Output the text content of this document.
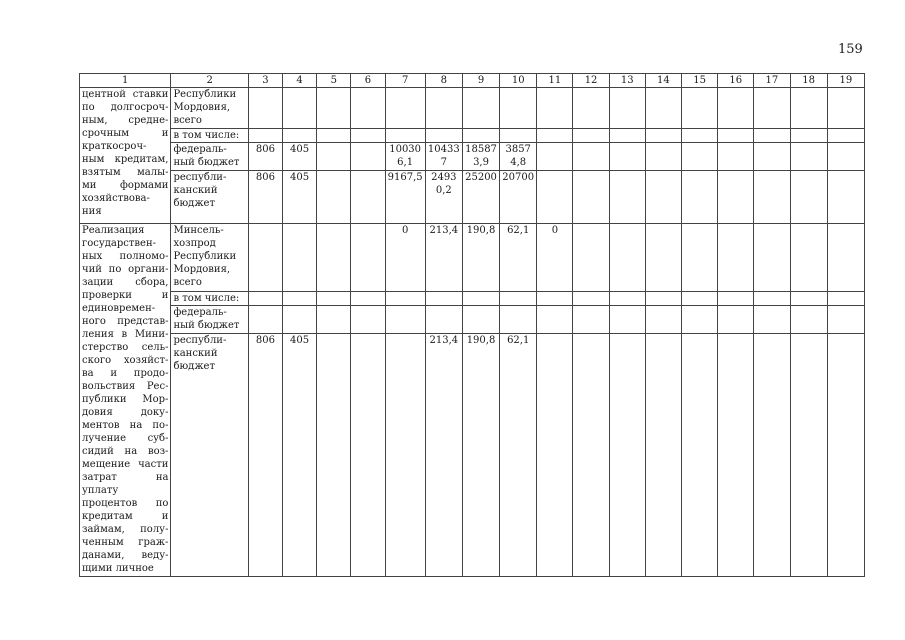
159
1	2	3	4	5	6	7	8	9	10	11	12	13	14	15	16	17	18	19
центной ставки по долгосроч-ным, средне-срочным и краткосроч-ным кредитам, взятым малы-ми формами хозяйствова-ния	Республики Мордовия, всего																	
	в том числе:																	
	федераль-ный бюджет	806	405			100306,1	104337	185873,9	38574,8									
	республи-канский бюджет	806	405			9167,5	24930,2	25200	20700									
Реализация государствен-ных полномо-чий по органи-зации сбора, проверки и единовремен-ного представ-ления в Мини-стерство сель-ского хозяйст-ва и продо-вольствия Рес-публики Мор-довия доку-ментов на по-лучение суб-сидий на воз-мещение части затрат на уплату процентов по кредитам и займам, полу-ченным граж-данами, веду-щими личное	Минсель-хозпрод Республики Мордовия, всего					0	213,4	190,8	62,1	0								
	в том числе:																	
	федераль-ный бюджет																	
	республи-канский бюджет	806	405				213,4	190,8	62,1									
